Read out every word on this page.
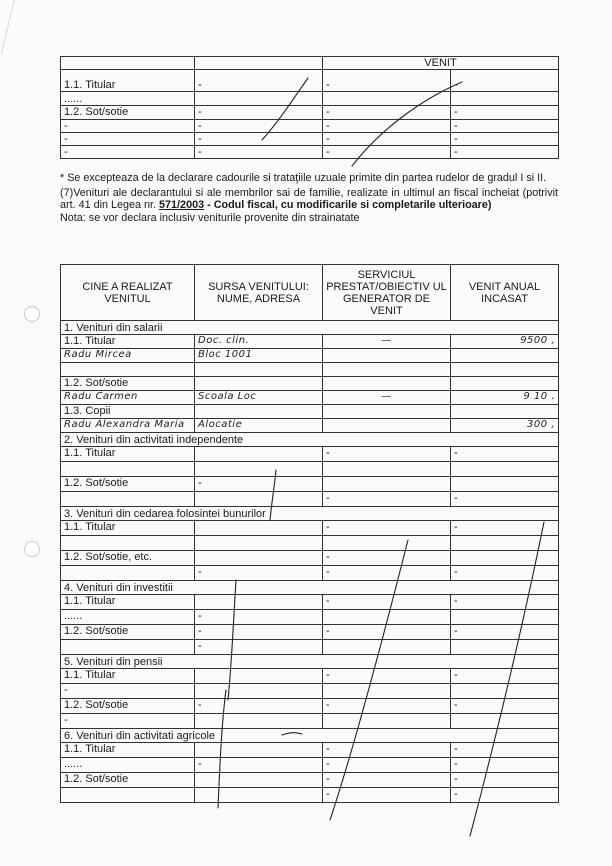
		VENIT	
1.1. Titular	-	-	-
......			
1.2. Sot/sotie	-	-	-
-	-	-	-
-	-	-	-
-	-	-	-

* Se excepteaza de la declarare cadourile si trataţiile uzuale primite din partea rudelor de gradul I si II.

(7)Venituri ale declarantului si ale membrilor sai de familie, realizate in ultimul an fiscal incheiat (potrivit art. 41 din Legea nr. 571/2003 - Codul fiscal, cu modificarile si completarile ulterioare)

Nota: se vor declara inclusiv veniturile provenite din strainatate

CINE A REALIZAT VENITUL	SURSA VENITULUI: NUME, ADRESA	SERVICIUL PRESTAT/OBIECTIV UL GENERATOR DE VENIT	VENIT ANUAL INCASAT
1. Venituri din salarii			
1.1. Titular	Doc. clin.	—	9500 ,
Radu Mircea	Bloc 1001		

1.2. Sot/sotie			
Radu Carmen	Scoala Loc	—	9 10 .
1.3. Copii			
Radu Alexandra Maria	Alocatie		300 ,
2. Venituri din activitati independente			
1.1. Titular		-	-

1.2. Sot/sotie	-		
		-	-
3. Venituri din cedarea folosintei bunurilor			
1.1. Titular		-	-

1.2. Sot/sotie, etc.		-	
	-	-	-
4. Venituri din investitii			
1.1. Titular		-	-
......	-		
1.2. Sot/sotie	-	-	-
	-		
5. Venituri din pensii			
1.1. Titular		-	-
-			
1.2. Sot/sotie	-	-	-
-			
6. Venituri din activitati agricole			
1.1. Titular		-	-
......	-	-	-
1.2. Sot/sotie		-	-
		-	-
